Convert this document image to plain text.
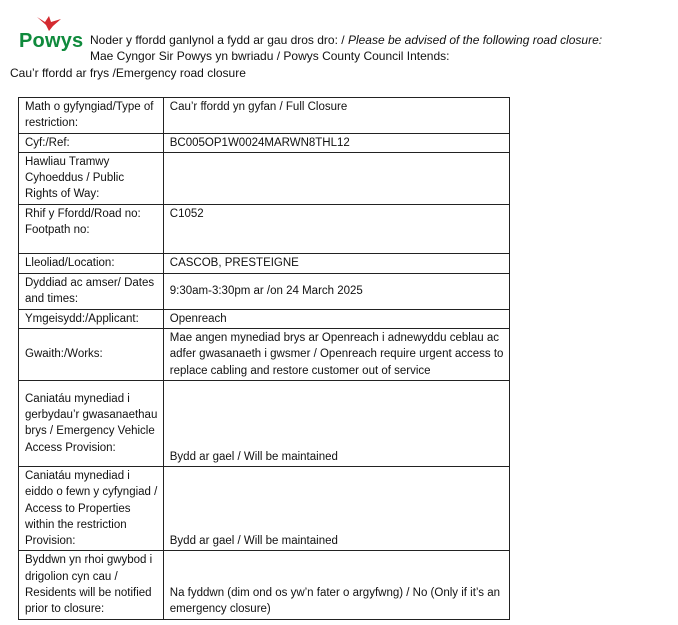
Powys Noder y ffordd ganlynol a fydd ar gau dros dro: / Please be advised of the following road closure:
Mae Cyngor Sir Powys yn bwriadu / Powys County Council Intends:
Cau’r ffordd ar frys /Emergency road closure
Math o gyfyngiad/Type of restriction:	Cau’r ffordd yn gyfan / Full Closure
Cyf:/Ref:	BC005OP1W0024MARWN8THL12
Hawliau Tramwy Cyhoeddus / Public Rights of Way:	
Rhif y Ffordd/Road no: Footpath no:	C1052
Lleoliad/Location:	CASCOB, PRESTEIGNE
Dyddiad ac amser/ Dates and times:	9:30am-3:30pm ar /on 24 March 2025
Ymgeisydd:/Applicant:	Openreach
Gwaith:/Works:	Mae angen mynediad brys ar Openreach i adnewyddu ceblau ac adfer gwasanaeth i gwsmer / Openreach require urgent access to replace cabling and restore customer out of service
Caniatáu mynediad i gerbydau’r gwasanaethau brys / Emergency Vehicle Access Provision:	Bydd ar gael / Will be maintained
Caniatáu mynediad i eiddo o fewn y cyfyngiad / Access to Properties within the restriction Provision:	Bydd ar gael / Will be maintained
Byddwn yn rhoi gwybod i drigolion cyn cau / Residents will be notified prior to closure:	Na fyddwn (dim ond os yw’n fater o argyfwng) / No (Only if it’s an emergency closure)
